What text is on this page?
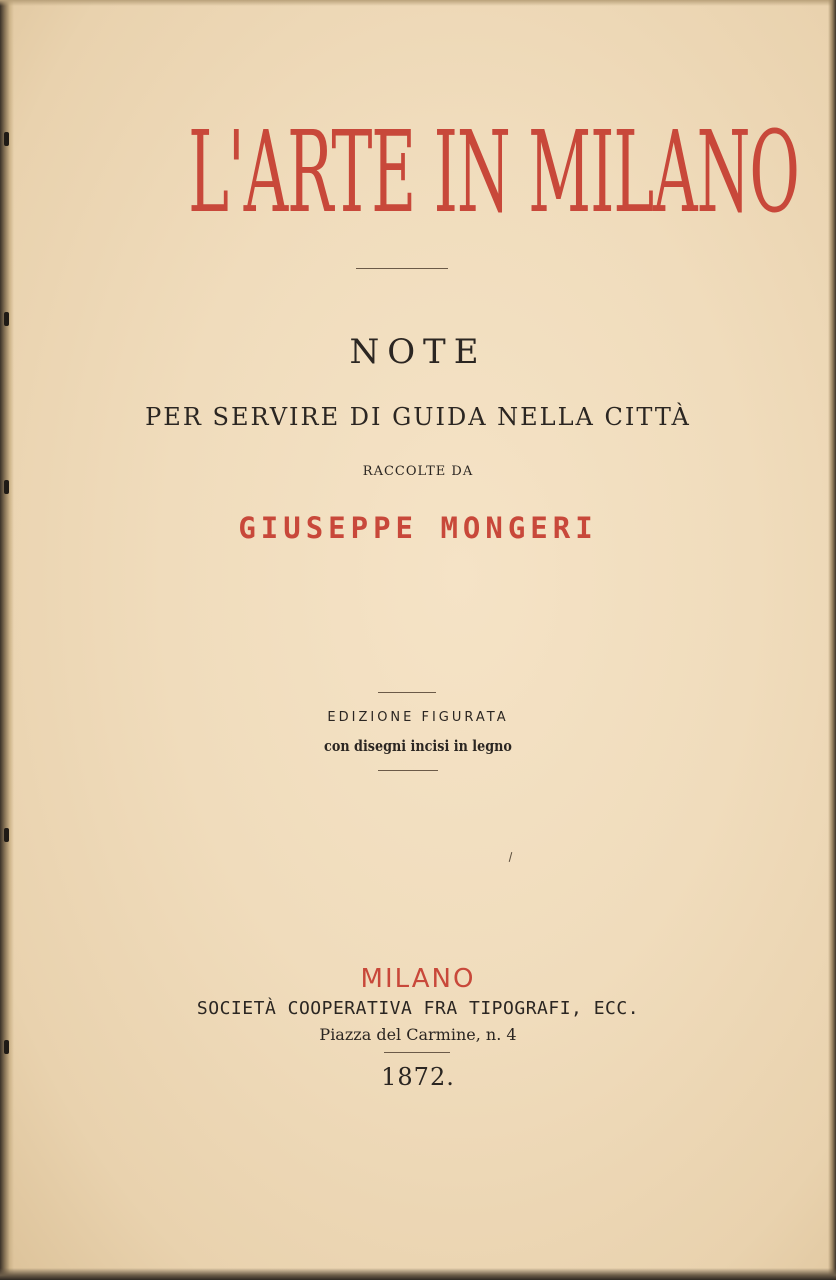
L'ARTE IN MILANO
NOTE
PER SERVIRE DI GUIDA NELLA CITTÀ
RACCOLTE DA
GIUSEPPE MONGERI
EDIZIONE FIGURATA
con disegni incisi in legno
MILANO
SOCIETÀ COOPERATIVA FRA TIPOGRAFI, ECC.
Piazza del Carmine, n. 4
1872.
